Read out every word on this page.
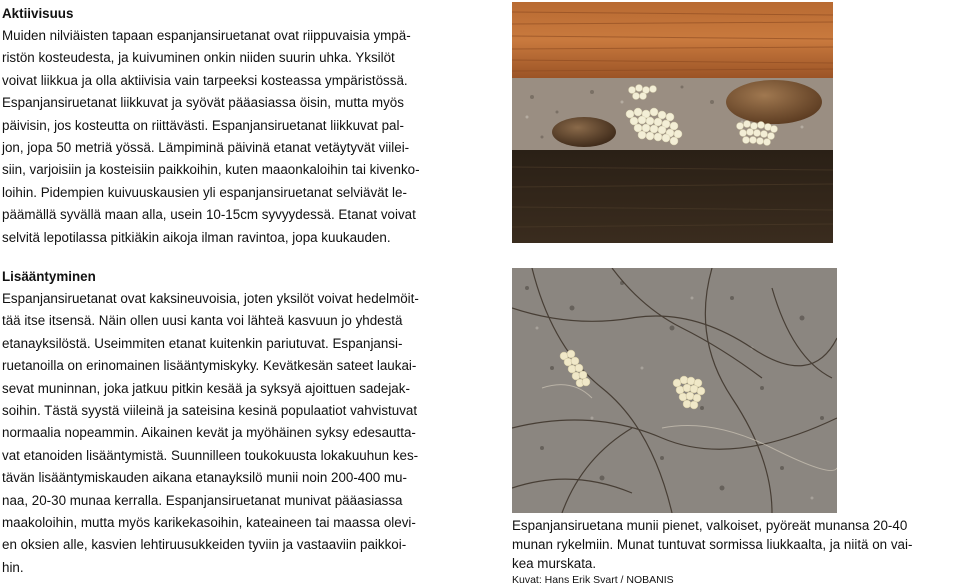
Aktiivisuus
Muiden nilviäisten tapaan espanjansiruetanat ovat riippuvaisia ympä-
ristön kosteudesta, ja kuivuminen onkin niiden suurin uhka. Yksilöt
voivat liikkua ja olla aktiivisia vain tarpeeksi kosteassa ympäristössä.
Espanjansiruetanat liikkuvat ja syövät pääasiassa öisin, mutta myös
päivisin, jos kosteutta on riittävästi. Espanjansiruetanat liikkuvat pal-
jon, jopa 50 metriä yössä. Lämpiminä päivinä etanat vetäytyvät viilei-
siin, varjoisiin ja kosteisiin paikkoihin, kuten maaonkaloihin tai kivenko-
loihin. Pidempien kuivuuskausien yli espanjansiruetanat selviävät le-
päämällä syvällä maan alla, usein 10-15cm syvyydessä. Etanat voivat
selvitä lepotilassa pitkiäkin aikoja ilman ravintoa, jopa kuukauden.
Lisääntyminen
Espanjansiruetanat ovat kaksineuvoisia, joten yksilöt voivat hedelmöit-
tää itse itsensä. Näin ollen uusi kanta voi lähteä kasvuun jo yhdestä
etanayksilöstä. Useimmiten etanat kuitenkin pariutuvat. Espanjansi-
ruetanoilla on erinomainen lisääntymiskyky. Kevätkesän sateet laukai-
sevat muninnan, joka jatkuu pitkin kesää ja syksyä ajoittuen sadejak-
soihin. Tästä syystä viileinä ja sateisina kesinä populaatiot vahvistuvat
normaalia nopeammin. Aikainen kevät ja myöhäinen syksy edesautta-
vat etanoiden lisääntymistä. Suunnilleen toukokuusta lokakuuhun kes-
tävän lisääntymiskauden aikana etanayksilö munii noin 200-400 mu-
naa, 20-30 munaa kerralla. Espanjansiruetanat munivat pääasiassa
maakoloihin, mutta myös karikekasoihin, kateaineen tai maassa olevi-
en oksien alle, kasvien lehtiruusukkeiden tyviin ja vastaaviin paikkoi-
hin.
Espanjansiruetana munii pienet, valkoiset, pyöreät munansa 20-40
munan rykelmiin. Munat tuntuvat sormissa liukkaalta, ja niitä on vai-
kea murskata.
Kuvat: Hans Erik Svart / NOBANIS
